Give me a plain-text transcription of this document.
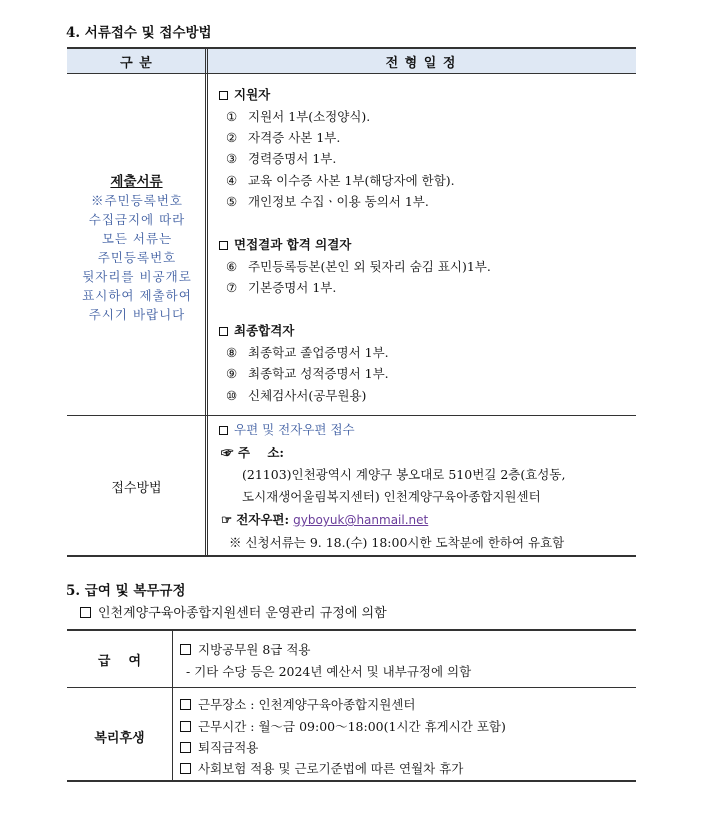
4. 서류접수 및 접수방법
구 분	전 형 일 정
제출서류
※주민등록번호
수집금지에 따라
모든 서류는
주민등록번호
뒷자리를 비공개로
표시하여 제출하여
주시기 바랍니다
지원자
① 지원서 1부(소정양식).
② 자격증 사본 1부.
③ 경력증명서 1부.
④ 교육 이수증 사본 1부(해당자에 한함).
⑤ 개인정보 수집ㆍ이용 동의서 1부.
면접결과 합격 의결자
⑥ 주민등록등본(본인 외 뒷자리 숨김 표시)1부.
⑦ 기본증명서 1부.
최종합격자
⑧ 최종학교 졸업증명서 1부.
⑨ 최종학교 성적증명서 1부.
⑩ 신체검사서(공무원용)
접수방법
우편 및 전자우편 접수
☞ 주    소:
(21103)인천광역시 계양구 봉오대로 510번길 2층(효성동,
도시재생어울림복지센터) 인천계양구육아종합지원센터
☞ 전자우편: gyboyuk@hanmail.net
※ 신청서류는 9. 18.(수) 18:00시한 도착분에 한하여 유효함
5. 급여 및 복무규정
인천계양구육아종합지원센터 운영관리 규정에 의함
급    여
지방공무원 8급 적용
- 기타 수당 등은 2024년 예산서 및 내부규정에 의함
복리후생
근무장소 : 인천계양구육아종합지원센터
근무시간 : 월～금 09:00～18:00(1시간 휴게시간 포함)
퇴직금적용
사회보험 적용 및 근로기준법에 따른 연월차 휴가
